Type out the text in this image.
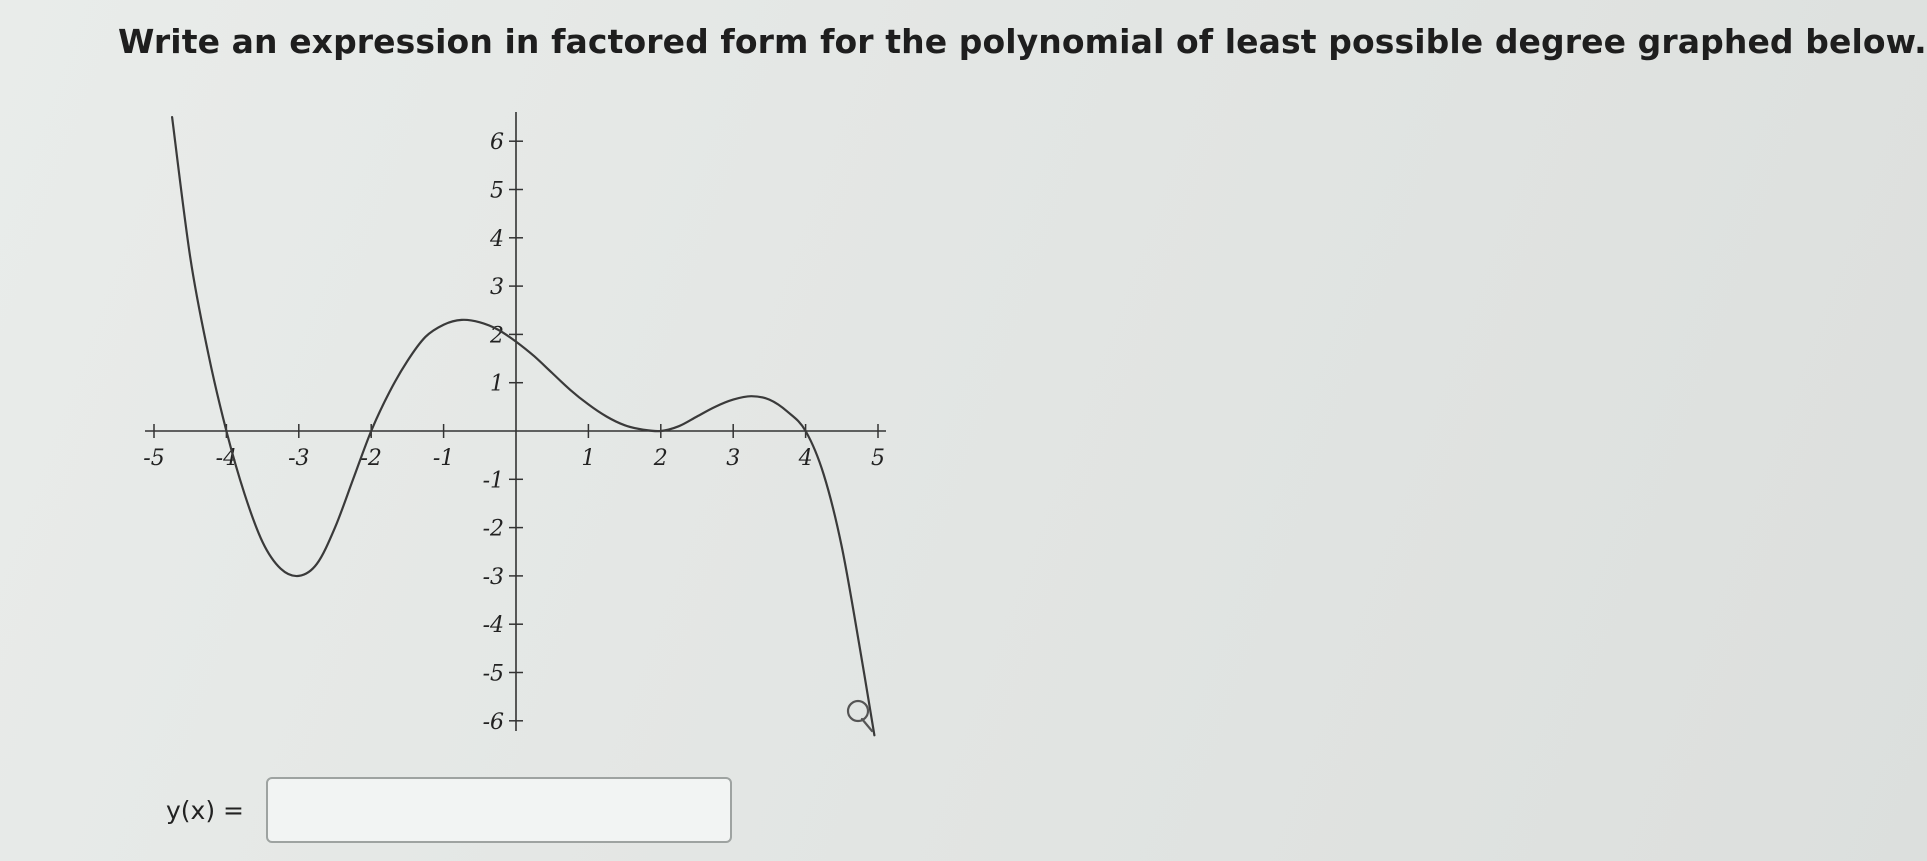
Write an expression in factored form for the polynomial of least possible degree graphed below.
-5 -4 -3 -2 -1	1	2	3	4	5
6
5
4
3
2
1
-1
-2
-3
-4
-5
-6
y(x) =
